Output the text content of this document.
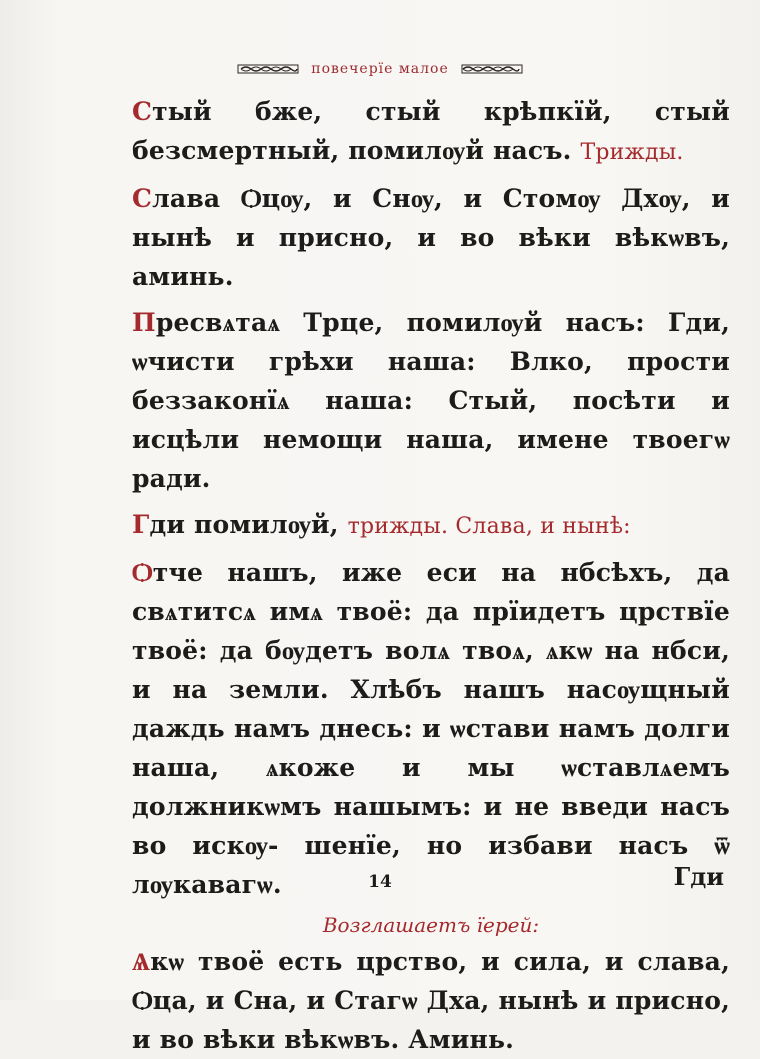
повечерїе малое

Стый бже, стый крѣпкїй, стый безсмертный, помилѹй насъ. Трижды.

Слава Ѻцѹ, и Снѹ, и Стомѹ Дхѹ, и нынѣ и присно, и во вѣки вѣкѡвъ, аминь.

Пресвѧтаѧ Трце, помилѹй насъ: Гди, ѡчисти грѣхи наша: Влко, прости беззаконїѧ наша: Стый, посѣти и исцѣли немощи наша, имене твоегѡ ради.

Гди помилѹй, трижды. Слава, и нынѣ:

Ѻтче нашъ, иже еси на нбсѣхъ, да свѧтитсѧ имѧ твоё: да прїидетъ црствїе твоё: да бѹдетъ волѧ твоѧ, ѧкѡ на нбси, и на земли. Хлѣбъ нашъ насѹщный даждь намъ днесь: и ѡстави намъ долги наша, ѧкоже и мы ѡставлѧемъ должникѡмъ нашымъ: и не введи насъ во искѹ- шенїе, но избави насъ ѿ лѹкавагѡ.

Возглашаетъ їерей:

Ѧкѡ твоё есть црство, и сила, и слава, Ѻца, и Сна, и Стагѡ Дха, нынѣ и присно, и во вѣки вѣкѡвъ. Аминь.

14	Гди
